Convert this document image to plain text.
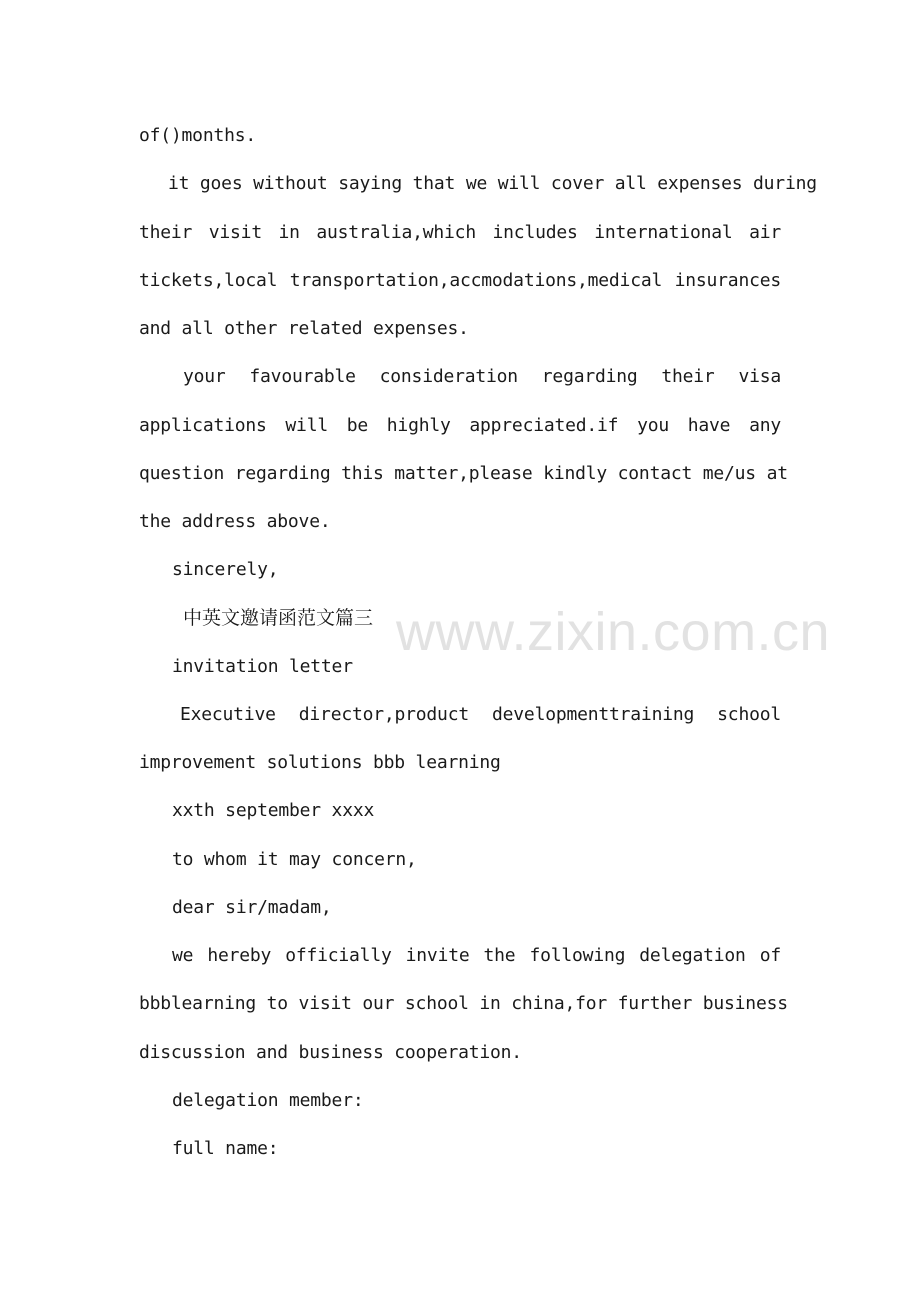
www.zixin.com.cn
of()months.
it goes without saying that we will cover all expenses during
their visit in australia,which includes international air
tickets,local transportation,accmodations,medical insurances
and all other related expenses.
your favourable consideration regarding their visa
applications will be highly appreciated.if you have any
question regarding this matter,please kindly contact me/us at
the address above.
sincerely,
中英文邀请函范文篇三
invitation letter
Executive director,product developmenttraining school
improvement solutions bbb learning
xxth september xxxx
to whom it may concern,
dear sir/madam,
we hereby officially invite the following delegation of
bbblearning to visit our school in china,for further business
discussion and business cooperation.
delegation member:
full name:
